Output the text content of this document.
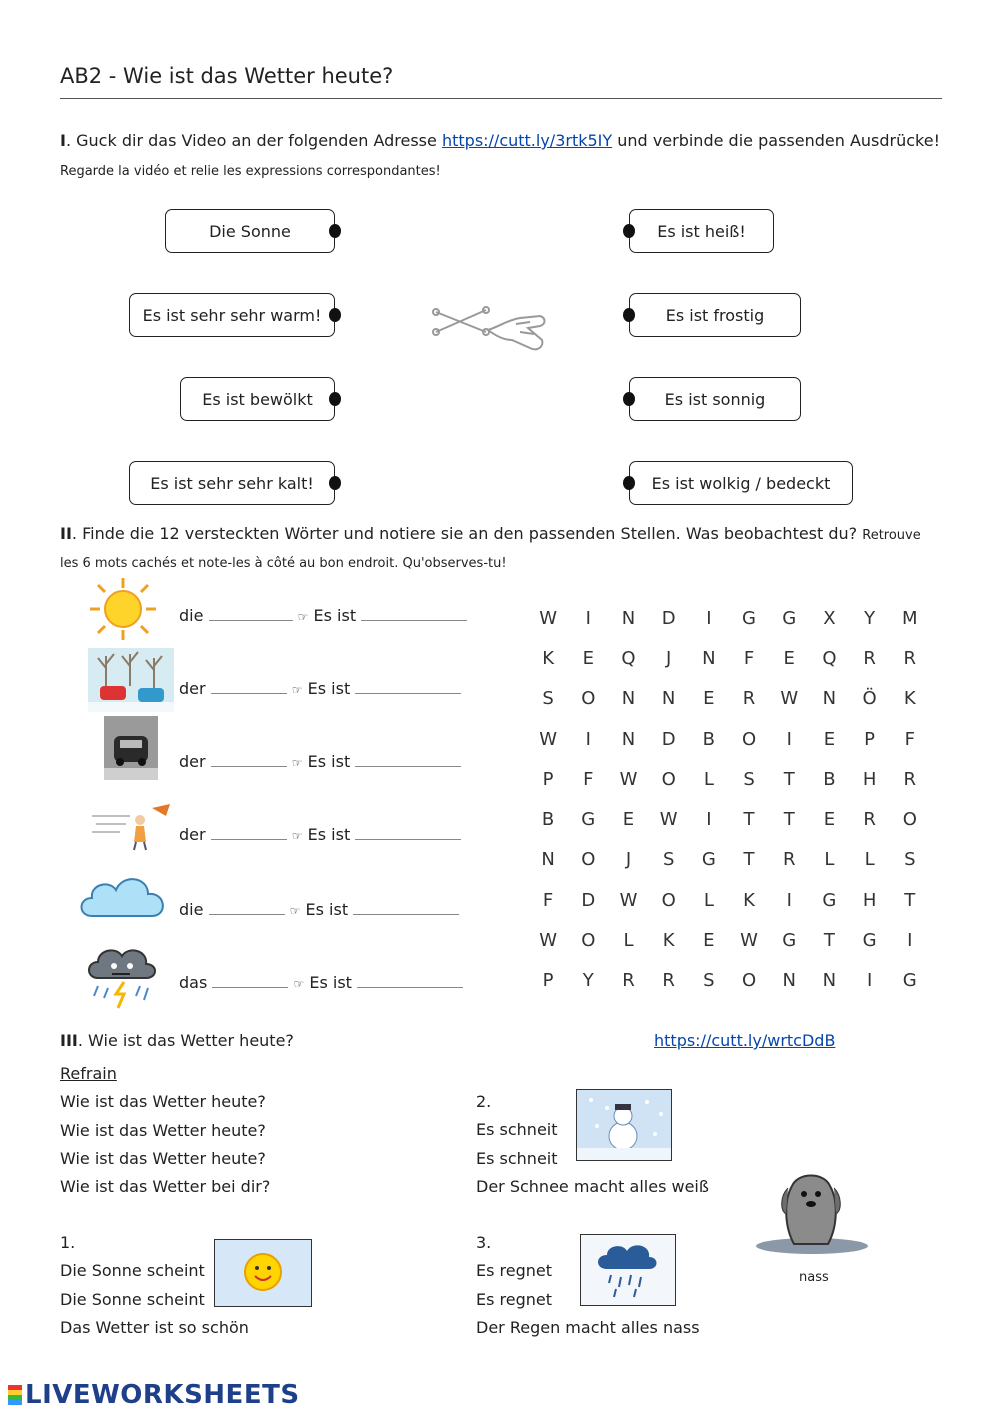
AB2 - Wie ist das Wetter heute?
I. Guck dir das Video an der folgenden Adresse https://cutt.ly/3rtk5IY und verbinde die passenden Ausdrücke! Regarde la vidéo et relie les expressions correspondantes!
Die Sonne
Es ist sehr sehr warm!
Es ist bewölkt
Es ist sehr sehr kalt!
Es ist heiß!
Es ist frostig
Es ist sonnig
Es ist wolkig / bedeckt
II. Finde die 12 versteckten Wörter und notiere sie an den passenden Stellen. Was beobachtest du? Retrouve les 6 mots cachés et note-les à côté au bon endroit. Qu'observes-tu!
die	☞ Es ist
der	☞ Es ist
der	☞ Es ist
der	☞ Es ist
die	☞ Es ist
das	☞ Es ist
W	I	N	D	I	G	G	X	Y	M
K	E	Q	J	N	F	E	Q	R	R
S	O	N	N	E	R	W	N	Ö	K
W	I	N	D	B	O	I	E	P	F
P	F	W	O	L	S	T	B	H	R
B	G	E	W	I	T	T	E	R	O
N	O	J	S	G	T	R	L	L	S
F	D	W	O	L	K	I	G	H	T
W	O	L	K	E	W	G	T	G	I
P	Y	R	R	S	O	N	N	I	G
III. Wie ist das Wetter heute?	https://cutt.ly/wrtcDdB
Refrain
Wie ist das Wetter heute?
Wie ist das Wetter heute?
Wie ist das Wetter heute?
Wie ist das Wetter bei dir?
1.
Die Sonne scheint
Die Sonne scheint
Das Wetter ist so schön
2.
Es schneit
Es schneit
Der Schnee macht alles weiß
3.
Es regnet
Es regnet
Der Regen macht alles nass
nass
LIVEWORKSHEETS
